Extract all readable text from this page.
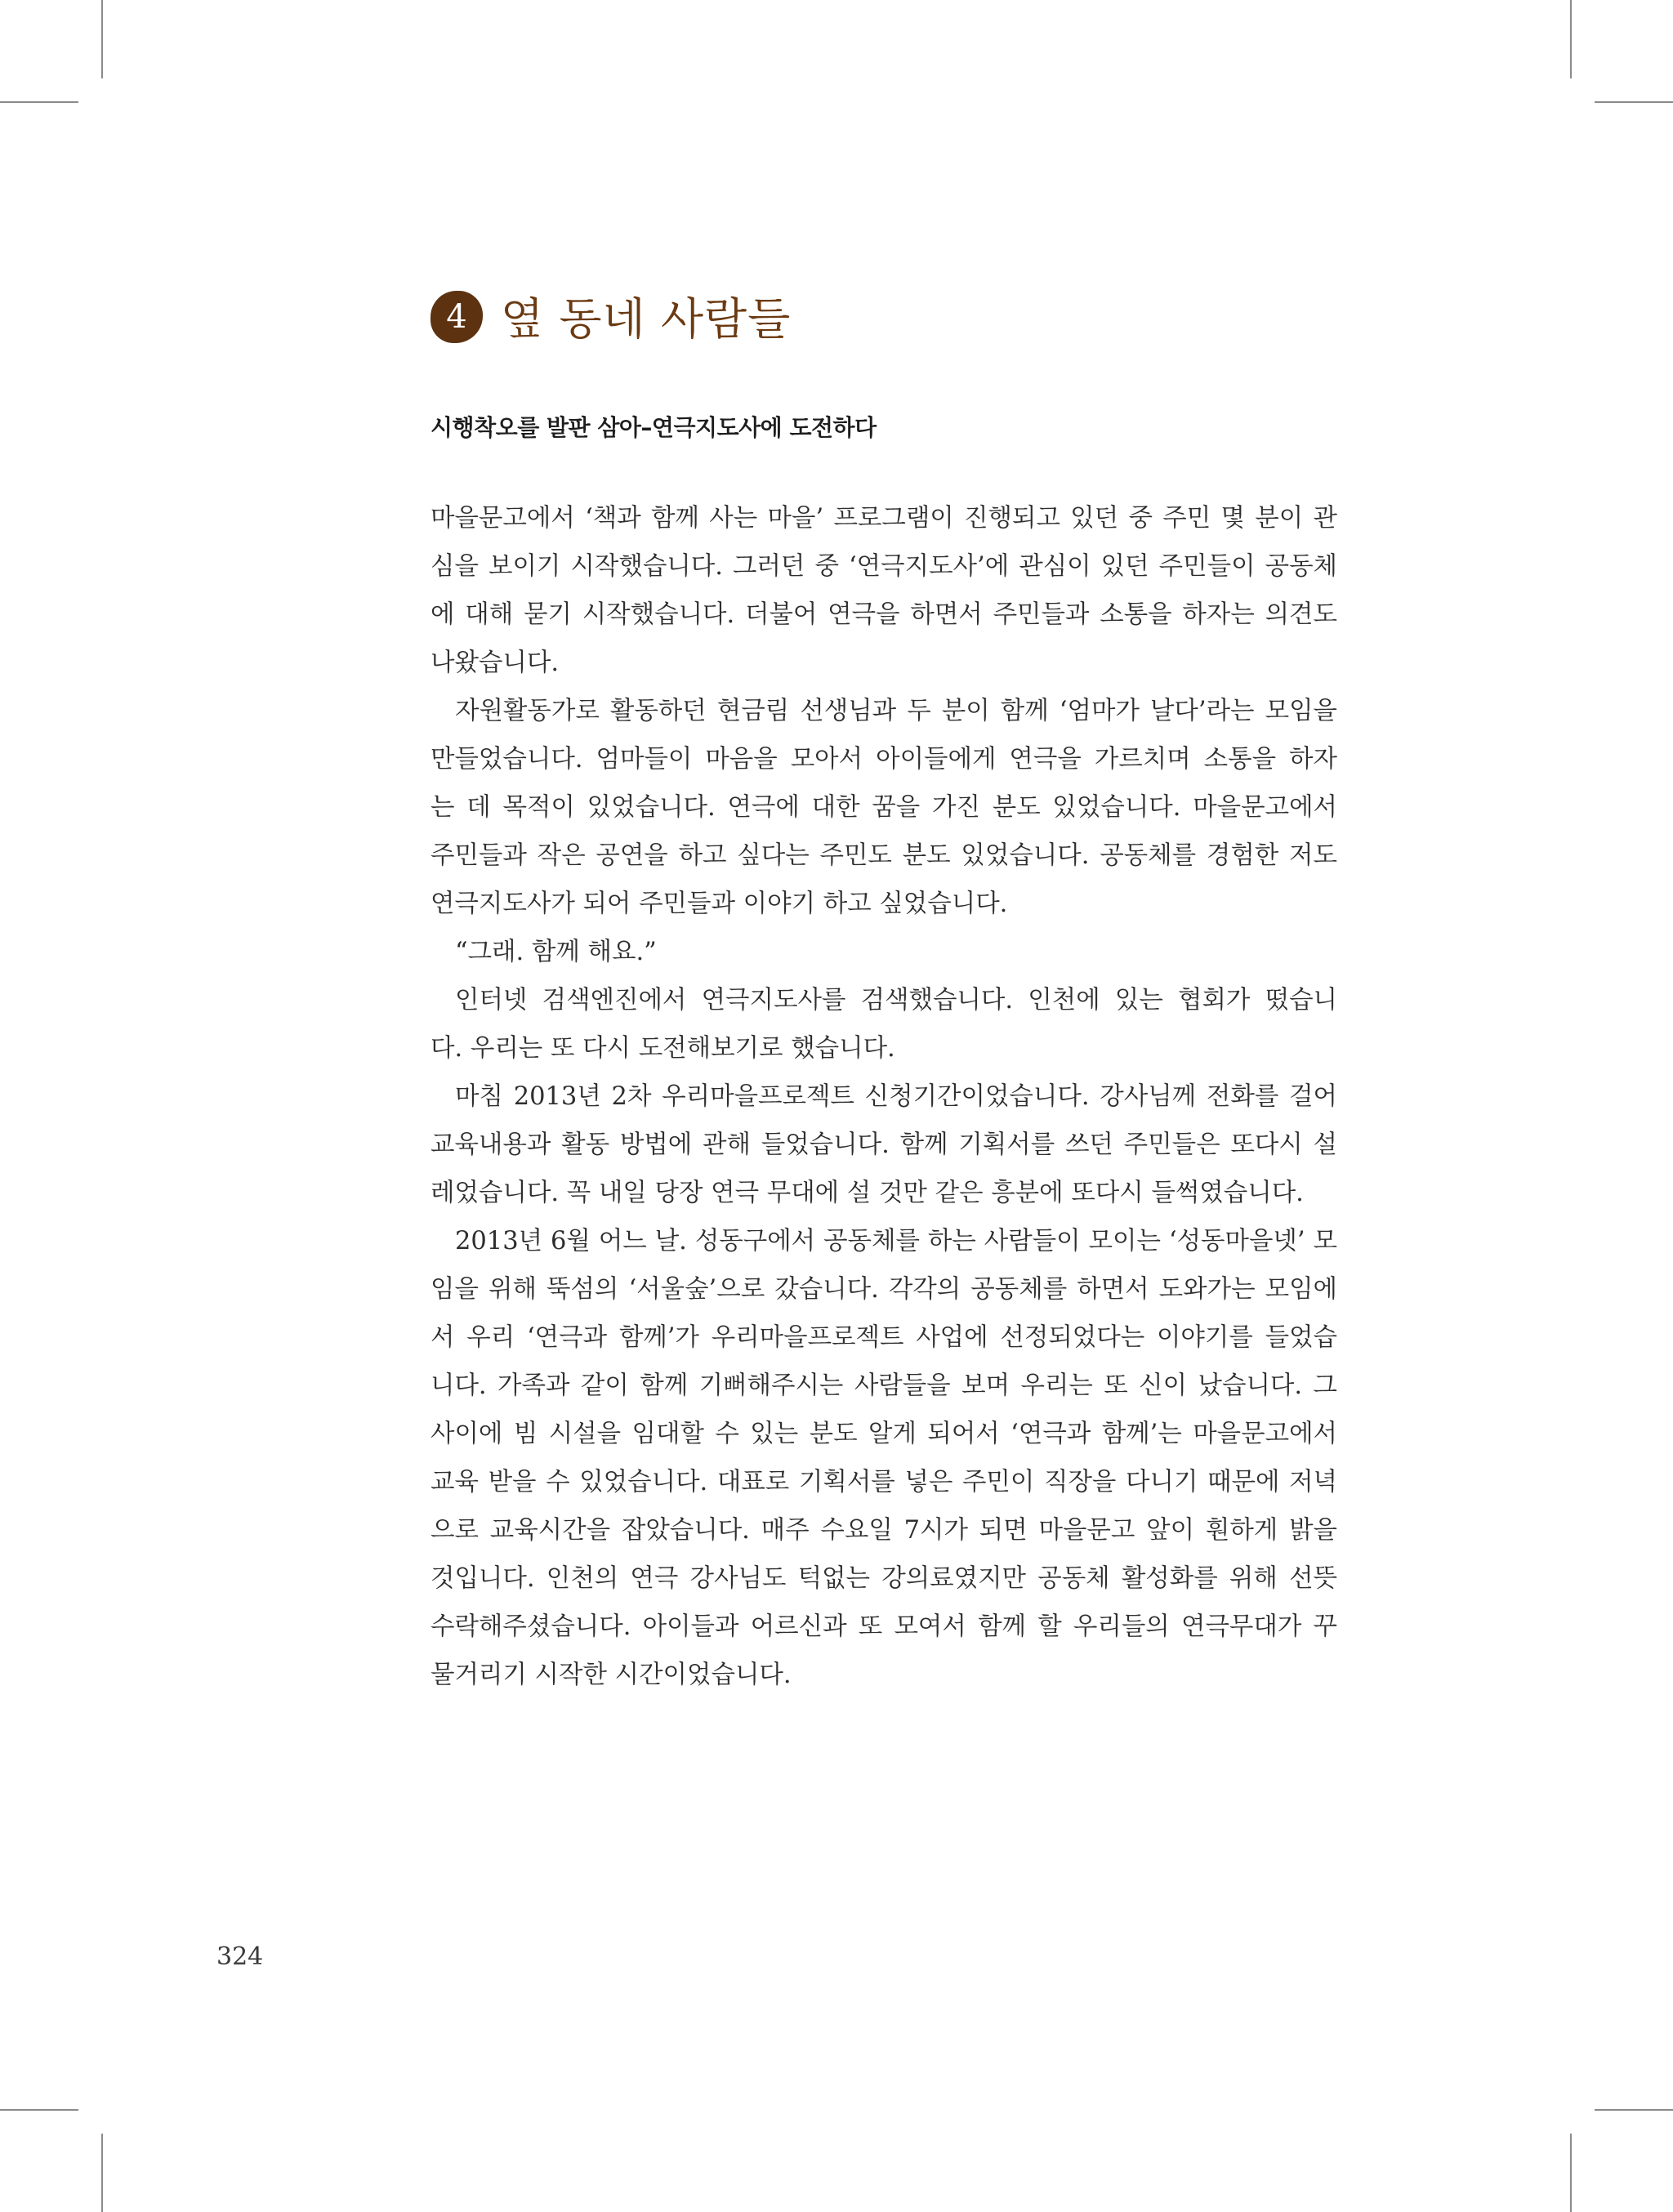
4 옆 동네 사람들
시행착오를 발판 삼아–연극지도사에 도전하다
마을문고에서 ‘책과 함께 사는 마을’ 프로그램이 진행되고 있던 중 주민 몇 분이 관
심을 보이기 시작했습니다. 그러던 중 ‘연극지도사’에 관심이 있던 주민들이 공동체
에 대해 묻기 시작했습니다. 더불어 연극을 하면서 주민들과 소통을 하자는 의견도
나왔습니다.
자원활동가로 활동하던 현금림 선생님과 두 분이 함께 ‘엄마가 날다’라는 모임을
만들었습니다. 엄마들이 마음을 모아서 아이들에게 연극을 가르치며 소통을 하자
는 데 목적이 있었습니다. 연극에 대한 꿈을 가진 분도 있었습니다. 마을문고에서
주민들과 작은 공연을 하고 싶다는 주민도 분도 있었습니다. 공동체를 경험한 저도
연극지도사가 되어 주민들과 이야기 하고 싶었습니다.
“그래. 함께 해요.”
인터넷 검색엔진에서 연극지도사를 검색했습니다. 인천에 있는 협회가 떴습니
다. 우리는 또 다시 도전해보기로 했습니다.
마침 2013년 2차 우리마을프로젝트 신청기간이었습니다. 강사님께 전화를 걸어
교육내용과 활동 방법에 관해 들었습니다. 함께 기획서를 쓰던 주민들은 또다시 설
레었습니다. 꼭 내일 당장 연극 무대에 설 것만 같은 흥분에 또다시 들썩였습니다.
2013년 6월 어느 날. 성동구에서 공동체를 하는 사람들이 모이는 ‘성동마을넷’ 모
임을 위해 뚝섬의 ‘서울숲’으로 갔습니다. 각각의 공동체를 하면서 도와가는 모임에
서 우리 ‘연극과 함께’가 우리마을프로젝트 사업에 선정되었다는 이야기를 들었습
니다. 가족과 같이 함께 기뻐해주시는 사람들을 보며 우리는 또 신이 났습니다. 그
사이에 빔 시설을 임대할 수 있는 분도 알게 되어서 ‘연극과 함께’는 마을문고에서
교육 받을 수 있었습니다. 대표로 기획서를 넣은 주민이 직장을 다니기 때문에 저녁
으로 교육시간을 잡았습니다. 매주 수요일 7시가 되면 마을문고 앞이 훤하게 밝을
것입니다. 인천의 연극 강사님도 턱없는 강의료였지만 공동체 활성화를 위해 선뜻
수락해주셨습니다. 아이들과 어르신과 또 모여서 함께 할 우리들의 연극무대가 꾸
물거리기 시작한 시간이었습니다.
324
